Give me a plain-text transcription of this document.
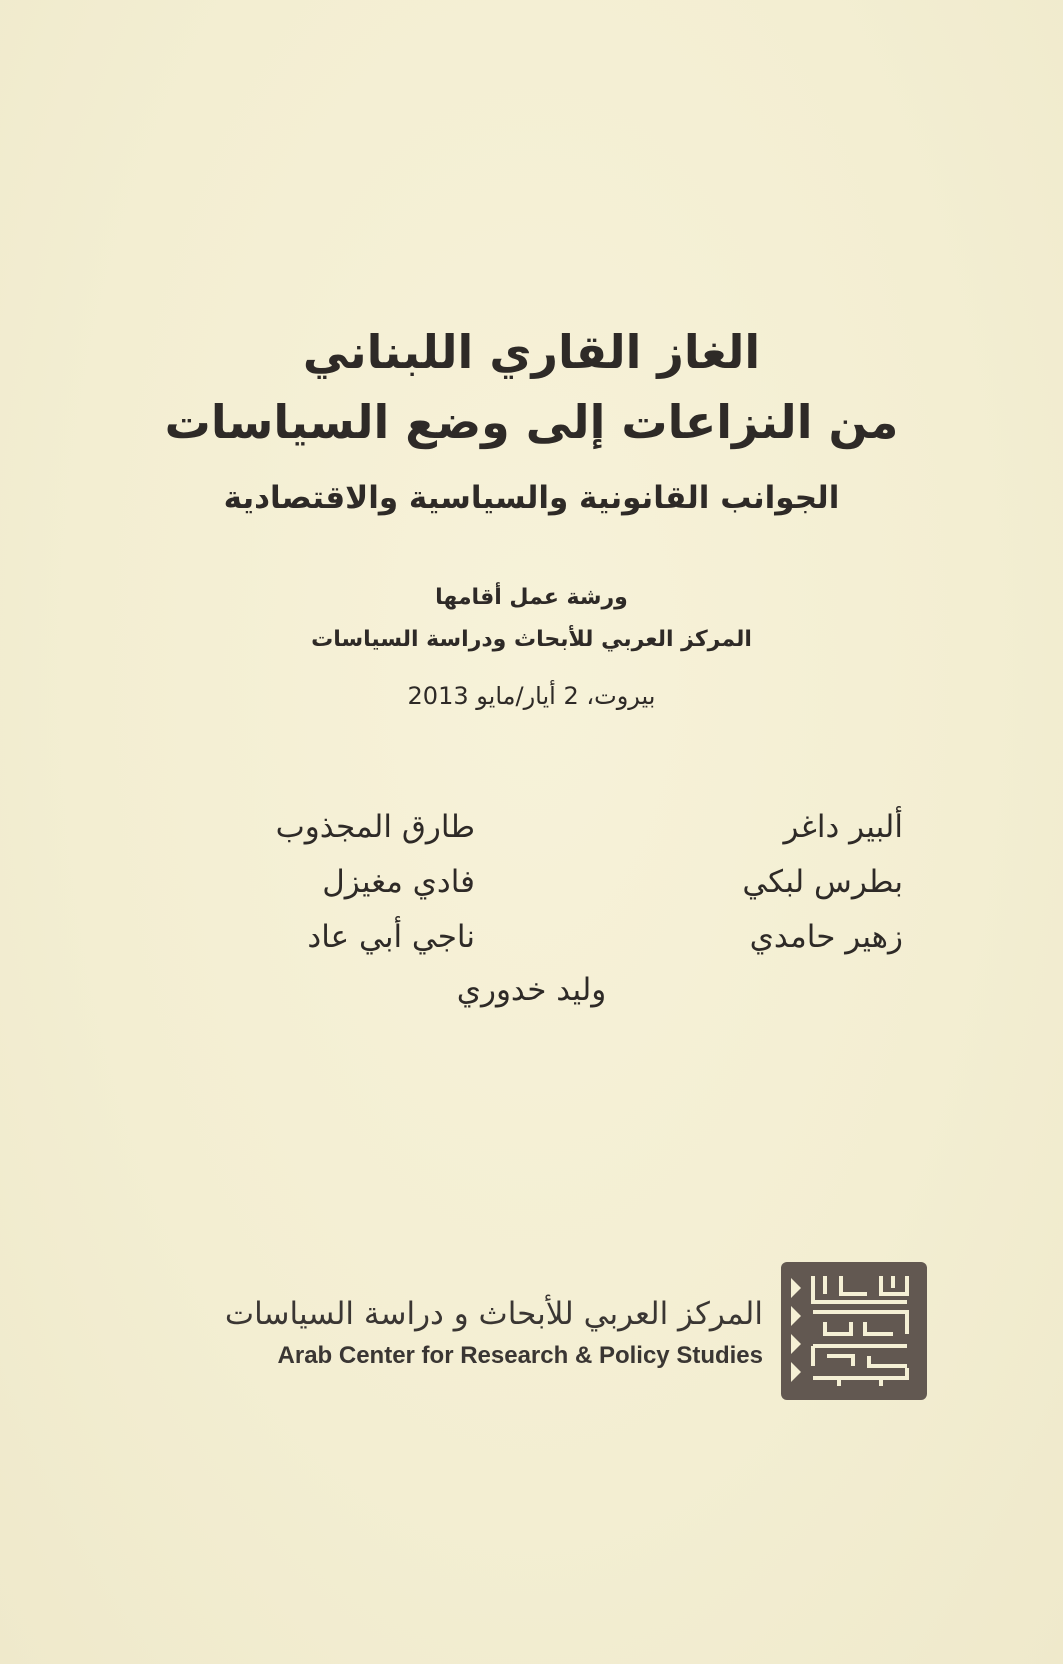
الغاز القاري اللبناني
من النزاعات إلى وضع السياسات
الجوانب القانونية والسياسية والاقتصادية
ورشة عمل أقامها
المركز العربي للأبحاث ودراسة السياسات
بيروت، 2 أيار/مايو 2013
ألبير داغر
بطرس لبكي
زهير حامدي
طارق المجذوب
فادي مغيزل
ناجي أبي عاد
وليد خدوري
المركز العربي للأبحاث و دراسة السياسات
Arab Center for Research & Policy Studies
